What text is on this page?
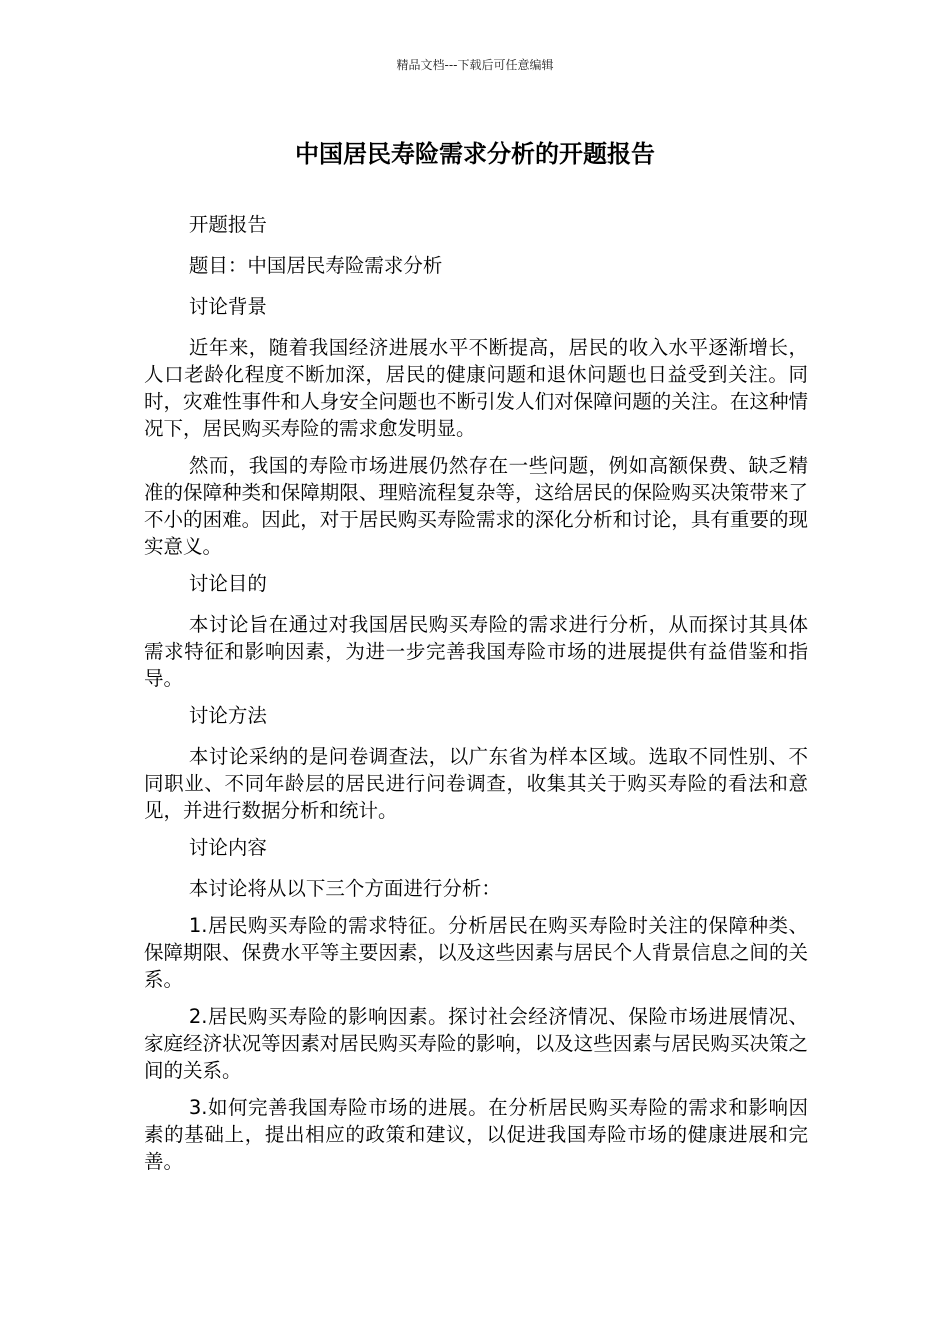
精品文档---下载后可任意编辑
中国居民寿险需求分析的开题报告

开题报告

题目：中国居民寿险需求分析

讨论背景

近年来，随着我国经济进展水平不断提高，居民的收入水平逐渐增长，人口老龄化程度不断加深，居民的健康问题和退休问题也日益受到关注。同时，灾难性事件和人身安全问题也不断引发人们对保障问题的关注。在这种情况下，居民购买寿险的需求愈发明显。

然而，我国的寿险市场进展仍然存在一些问题，例如高额保费、缺乏精准的保障种类和保障期限、理赔流程复杂等，这给居民的保险购买决策带来了不小的困难。因此，对于居民购买寿险需求的深化分析和讨论，具有重要的现实意义。

讨论目的

本讨论旨在通过对我国居民购买寿险的需求进行分析，从而探讨其具体需求特征和影响因素，为进一步完善我国寿险市场的进展提供有益借鉴和指导。

讨论方法

本讨论采纳的是问卷调查法，以广东省为样本区域。选取不同性别、不同职业、不同年龄层的居民进行问卷调查，收集其关于购买寿险的看法和意见，并进行数据分析和统计。

讨论内容

本讨论将从以下三个方面进行分析：

1.居民购买寿险的需求特征。分析居民在购买寿险时关注的保障种类、保障期限、保费水平等主要因素，以及这些因素与居民个人背景信息之间的关系。

2.居民购买寿险的影响因素。探讨社会经济情况、保险市场进展情况、家庭经济状况等因素对居民购买寿险的影响，以及这些因素与居民购买决策之间的关系。

3.如何完善我国寿险市场的进展。在分析居民购买寿险的需求和影响因素的基础上，提出相应的政策和建议，以促进我国寿险市场的健康进展和完善。
